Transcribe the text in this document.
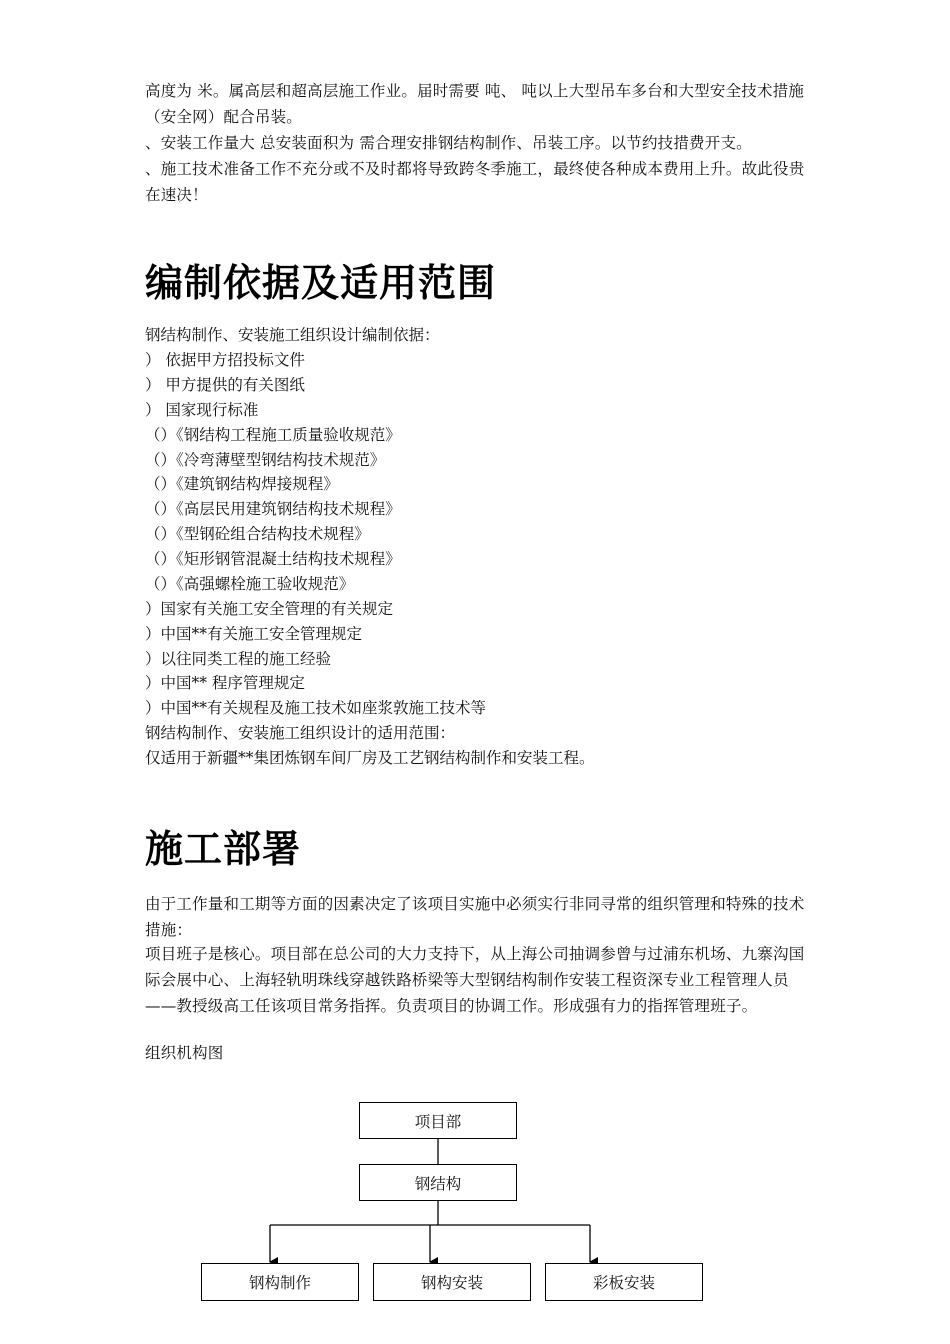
高度为 米。属高层和超高层施工作业。届时需要 吨、 吨以上大型吊车多台和大型安全技术措施（安全网）配合吊装。
、安装工作量大 总安装面积为 需合理安排钢结构制作、吊装工序。以节约技措费开支。
、施工技术准备工作不充分或不及时都将导致跨冬季施工，最终使各种成本费用上升。故此役贵在速决！
编制依据及适用范围
钢结构制作、安装施工组织设计编制依据：
） 依据甲方招投标文件
） 甲方提供的有关图纸
） 国家现行标准
（）《钢结构工程施工质量验收规范》
（）《冷弯薄壁型钢结构技术规范》
（）《建筑钢结构焊接规程》
（）《高层民用建筑钢结构技术规程》
（）《型钢砼组合结构技术规程》
（）《矩形钢管混凝土结构技术规程》
（）《高强螺栓施工验收规范》
）国家有关施工安全管理的有关规定
）中国**有关施工安全管理规定
）以往同类工程的施工经验
）中国** 程序管理规定
）中国**有关规程及施工技术如座浆敦施工技术等
钢结构制作、安装施工组织设计的适用范围：
仅适用于新疆**集团炼钢车间厂房及工艺钢结构制作和安装工程。
施工部署
由于工作量和工期等方面的因素决定了该项目实施中必须实行非同寻常的组织管理和特殊的技术措施：
项目班子是核心。项目部在总公司的大力支持下，从上海公司抽调参曾与过浦东机场、九寨沟国际会展中心、上海轻轨明珠线穿越铁路桥梁等大型钢结构制作安装工程资深专业工程管理人员——教授级高工任该项目常务指挥。负责项目的协调工作。形成强有力的指挥管理班子。
组织机构图
项目部
钢结构
钢构制作	钢构安装	彩板安装
